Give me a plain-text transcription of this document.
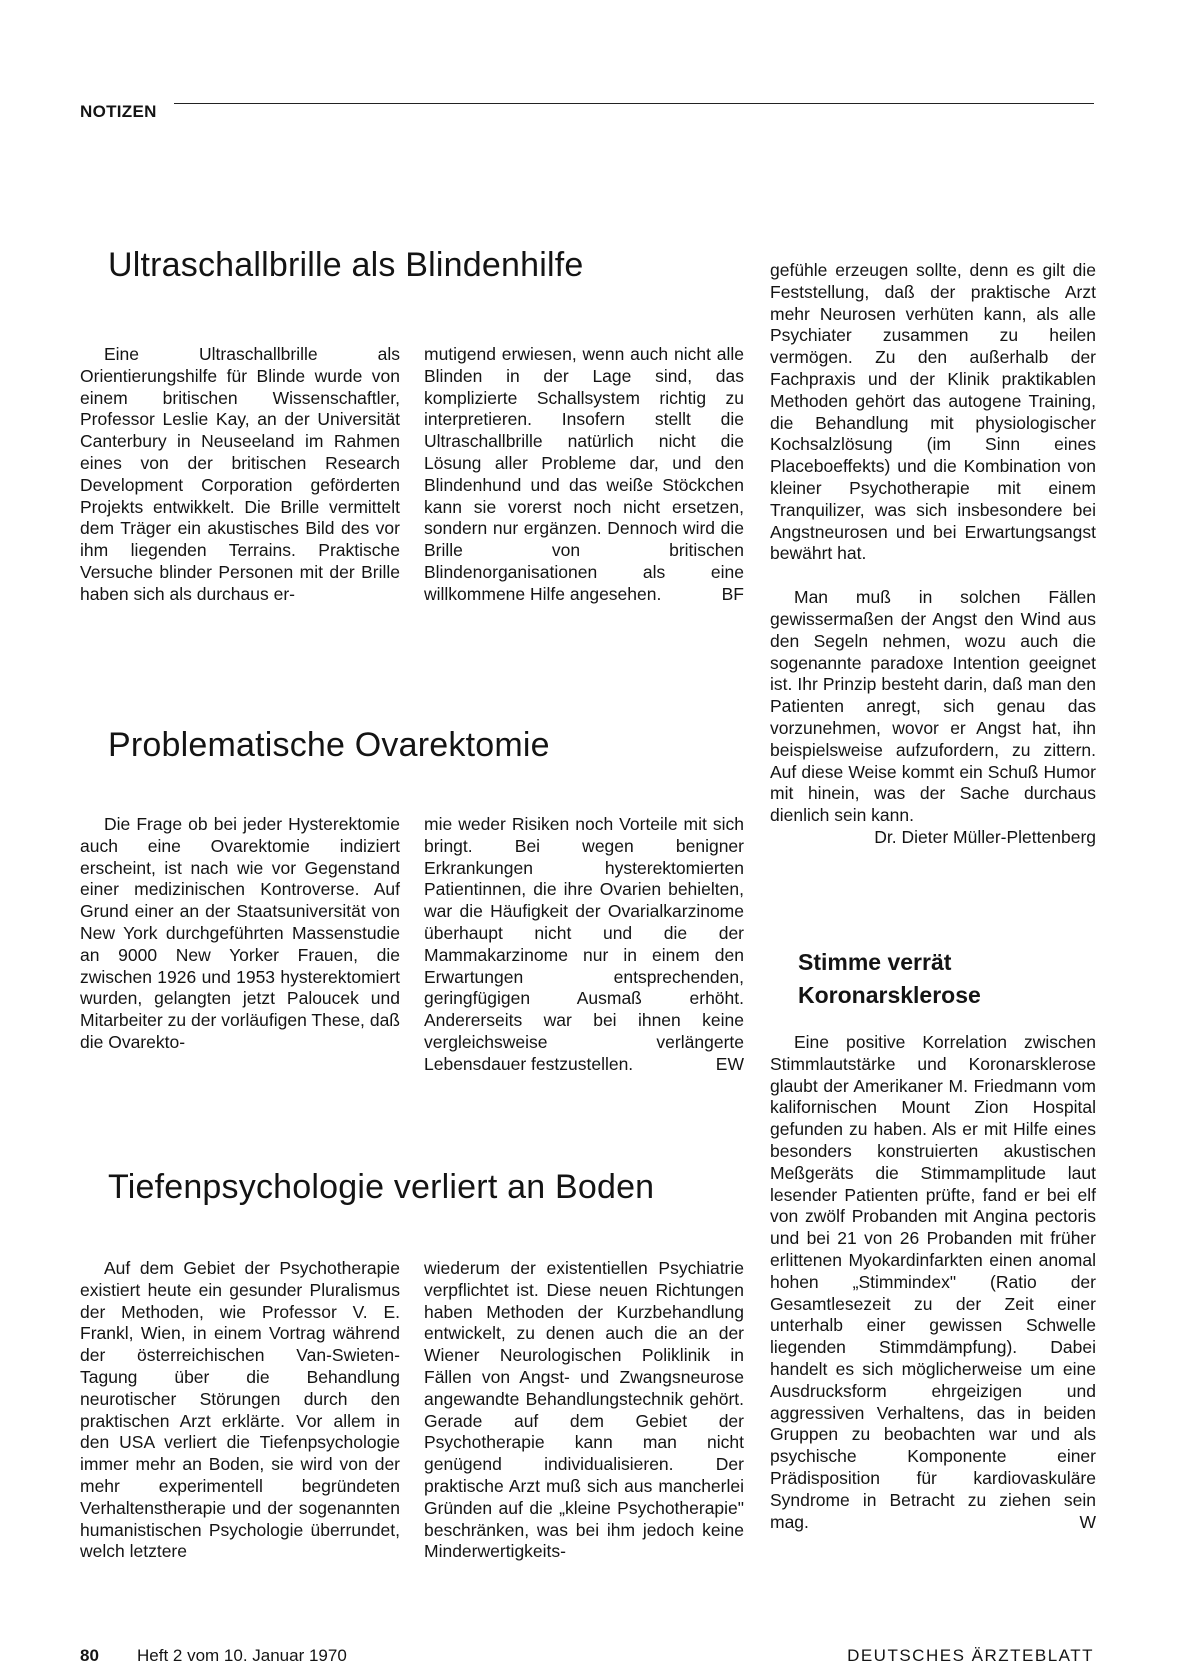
NOTIZEN
Ultraschallbrille als Blindenhilfe

Eine Ultraschallbrille als Orientierungshilfe für Blinde wurde von einem britischen Wissenschaftler, Professor Leslie Kay, an der Universität Canterbury in Neuseeland im Rahmen eines von der britischen Research Development Corporation geförderten Projekts entwikkelt. Die Brille vermittelt dem Träger ein akustisches Bild des vor ihm liegenden Terrains. Praktische Versuche blinder Personen mit der Brille haben sich als durchaus er-

mutigend erwiesen, wenn auch nicht alle Blinden in der Lage sind, das komplizierte Schallsystem richtig zu interpretieren. Insofern stellt die Ultraschallbrille natürlich nicht die Lösung aller Probleme dar, und den Blindenhund und das weiße Stöckchen kann sie vorerst noch nicht ersetzen, sondern nur ergänzen. Dennoch wird die Brille von britischen Blindenorganisationen als eine willkommene Hilfe angesehen.	BF

Problematische Ovarektomie

Die Frage ob bei jeder Hysterektomie auch eine Ovarektomie indiziert erscheint, ist nach wie vor Gegenstand einer medizinischen Kontroverse. Auf Grund einer an der Staatsuniversität von New York durchgeführten Massenstudie an 9000 New Yorker Frauen, die zwischen 1926 und 1953 hysterektomiert wurden, gelangten jetzt Paloucek und Mitarbeiter zu der vorläufigen These, daß die Ovarekto-

mie weder Risiken noch Vorteile mit sich bringt. Bei wegen benigner Erkrankungen hysterektomierten Patientinnen, die ihre Ovarien behielten, war die Häufigkeit der Ovarialkarzinome überhaupt nicht und die der Mammakarzinome nur in einem den Erwartungen entsprechenden, geringfügigen Ausmaß erhöht. Andererseits war bei ihnen keine vergleichsweise verlängerte Lebensdauer festzustellen.	EW

Tiefenpsychologie verliert an Boden

Auf dem Gebiet der Psychotherapie existiert heute ein gesunder Pluralismus der Methoden, wie Professor V. E. Frankl, Wien, in einem Vortrag während der österreichischen Van-Swieten-Tagung über die Behandlung neurotischer Störungen durch den praktischen Arzt erklärte. Vor allem in den USA verliert die Tiefenpsychologie immer mehr an Boden, sie wird von der mehr experimentell begründeten Verhaltenstherapie und der sogenannten humanistischen Psychologie überrundet, welch letztere

wiederum der existentiellen Psychiatrie verpflichtet ist. Diese neuen Richtungen haben Methoden der Kurzbehandlung entwickelt, zu denen auch die an der Wiener Neurologischen Poliklinik in Fällen von Angst- und Zwangsneurose angewandte Behandlungstechnik gehört. Gerade auf dem Gebiet der Psychotherapie kann man nicht genügend individualisieren. Der praktische Arzt muß sich aus mancherlei Gründen auf die „kleine Psychotherapie" beschränken, was bei ihm jedoch keine Minderwertigkeits-

gefühle erzeugen sollte, denn es gilt die Feststellung, daß der praktische Arzt mehr Neurosen verhüten kann, als alle Psychiater zusammen zu heilen vermögen. Zu den außerhalb der Fachpraxis und der Klinik praktikablen Methoden gehört das autogene Training, die Behandlung mit physiologischer Kochsalzlösung (im Sinn eines Placeboeffekts) und die Kombination von kleiner Psychotherapie mit einem Tranquilizer, was sich insbesondere bei Angstneurosen und bei Erwartungsangst bewährt hat.

Man muß in solchen Fällen gewissermaßen der Angst den Wind aus den Segeln nehmen, wozu auch die sogenannte paradoxe Intention geeignet ist. Ihr Prinzip besteht darin, daß man den Patienten anregt, sich genau das vorzunehmen, wovor er Angst hat, ihn beispielsweise aufzufordern, zu zittern. Auf diese Weise kommt ein Schuß Humor mit hinein, was der Sache durchaus dienlich sein kann.

Dr. Dieter Müller-Plettenberg

Stimme verrät
Koronarsklerose

Eine positive Korrelation zwischen Stimmlautstärke und Koronarsklerose glaubt der Amerikaner M. Friedmann vom kalifornischen Mount Zion Hospital gefunden zu haben. Als er mit Hilfe eines besonders konstruierten akustischen Meßgeräts die Stimmamplitude laut lesender Patienten prüfte, fand er bei elf von zwölf Probanden mit Angina pectoris und bei 21 von 26 Probanden mit früher erlittenen Myokardinfarkten einen anomal hohen „Stimmindex" (Ratio der Gesamtlesezeit zu der Zeit einer unterhalb einer gewissen Schwelle liegenden Stimmdämpfung). Dabei handelt es sich möglicherweise um eine Ausdrucksform ehrgeizigen und aggressiven Verhaltens, das in beiden Gruppen zu beobachten war und als psychische Komponente einer Prädisposition für kardiovaskuläre Syndrome in Betracht zu ziehen sein mag.	W

80 Heft 2 vom 10. Januar 1970	DEUTSCHES ÄRZTEBLATT
